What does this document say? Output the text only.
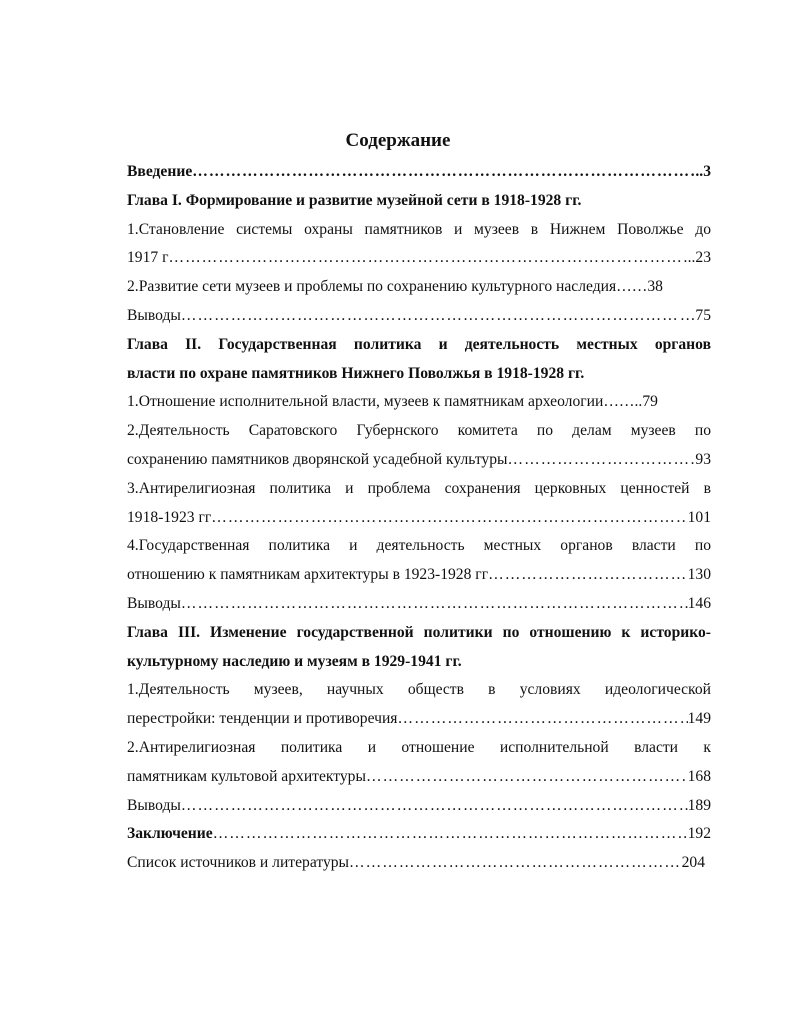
Содержание
Введение …………………………………………………………………………………………………………………………………………………………………………	..3
Глава I. Формирование и развитие музейной сети в 1918-1928 гг.
1.Становление системы охраны памятников и музеев в Нижнем Поволжье до
1917 г …………………………………………………………………………………………………………………………………………………………………………	..23
2.Развитие сети музеев и проблемы по сохранению культурного наследия ……38
Выводы …………………………………………………………………………………………………………………………………………………………………………	…75
Глава II. Государственная политика и деятельность местных органов
власти по охране памятников Нижнего Поволжья в 1918-1928 гг.
1.Отношение исполнительной власти, музеев к памятникам археологии ……..79
2.Деятельность Саратовского Губернского комитета по делам музеев по
сохранению памятников дворянской усадебной культуры …………………………………………………………………………………………………………………………………………………………………………	93
3.Антирелигиозная политика и проблема сохранения церковных ценностей в
1918-1923 гг …………………………………………………………………………………………………………………………………………………………………………	101
4.Государственная политика и деятельность местных органов власти по
отношению к памятникам архитектуры в 1923-1928 гг …………………………………………………………………………………………………………………………………………………………………………	130
Выводы …………………………………………………………………………………………………………………………………………………………………………	146
Глава III. Изменение государственной политики по отношению к историко-
культурному наследию и музеям в 1929-1941 гг.
1.Деятельность музеев, научных обществ в условиях идеологической
перестройки: тенденции и противоречия …………………………………………………………………………………………………………………………………………………………………………	149
2.Антирелигиозная политика и отношение исполнительной власти к
памятникам культовой архитектуры …………………………………………………………………………………………………………………………………………………………………………	168
Выводы …………………………………………………………………………………………………………………………………………………………………………	189
Заключение …………………………………………………………………………………………………………………………………………………………………………	192
Список источников и литературы …………………………………………………………………………………………………………………………………………………………………………	204
